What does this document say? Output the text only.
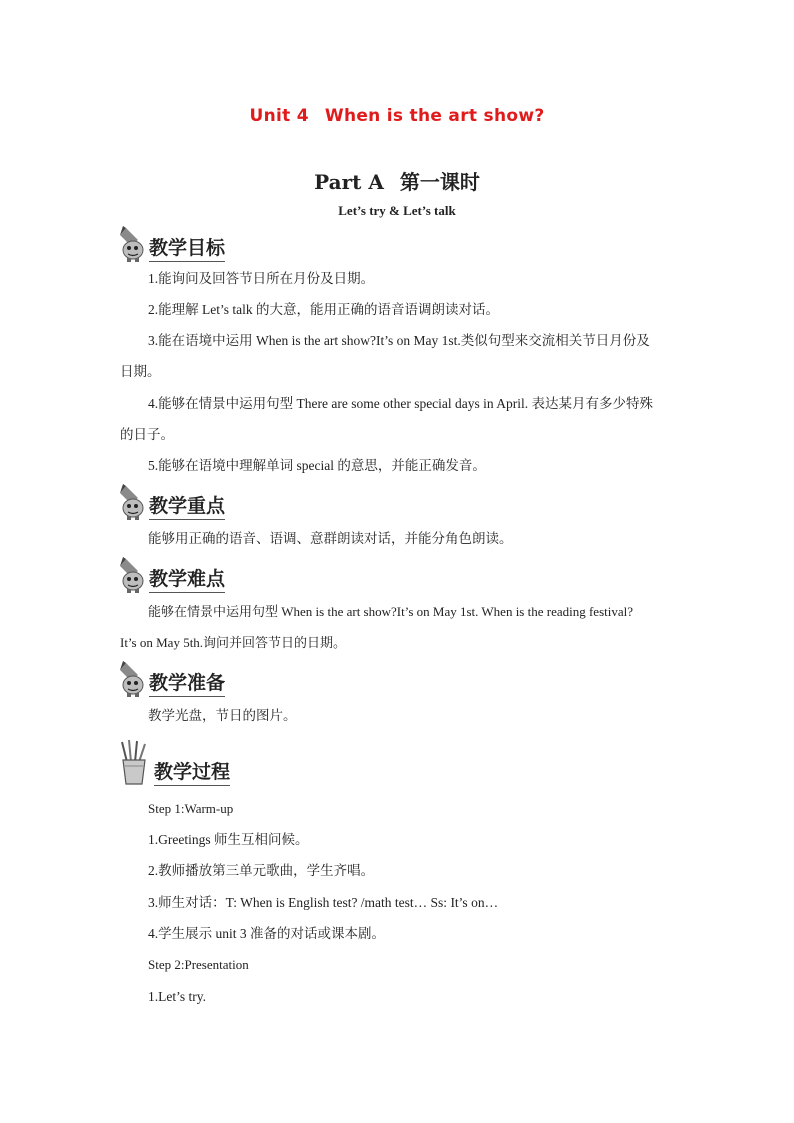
Unit 4 When is the art show?
Part A 第一课时
Let’s try & Let’s talk
教学目标
1.能询问及回答节日所在月份及日期。
2.能理解 Let’s talk 的大意，能用正确的语音语调朗读对话。
3.能在语境中运用 When is the art show?It’s on May 1st.类似句型来交流相关节日月份及
日期。
4.能够在情景中运用句型 There are some other special days in April. 表达某月有多少特殊
的日子。
5.能够在语境中理解单词 special 的意思，并能正确发音。
教学重点
能够用正确的语音、语调、意群朗读对话，并能分角色朗读。
教学难点
能够在情景中运用句型 When is the art show?It’s on May 1st. When is the reading festival?
It’s on May 5th.询问并回答节日的日期。
教学准备
教学光盘，节日的图片。
教学过程
Step 1:Warm-up
1.Greetings 师生互相问候。
2.教师播放第三单元歌曲，学生齐唱。
3.师生对话：T: When is English test? /math test… Ss: It’s on…
4.学生展示 unit 3 准备的对话或课本剧。
Step 2:Presentation
1.Let’s try.
